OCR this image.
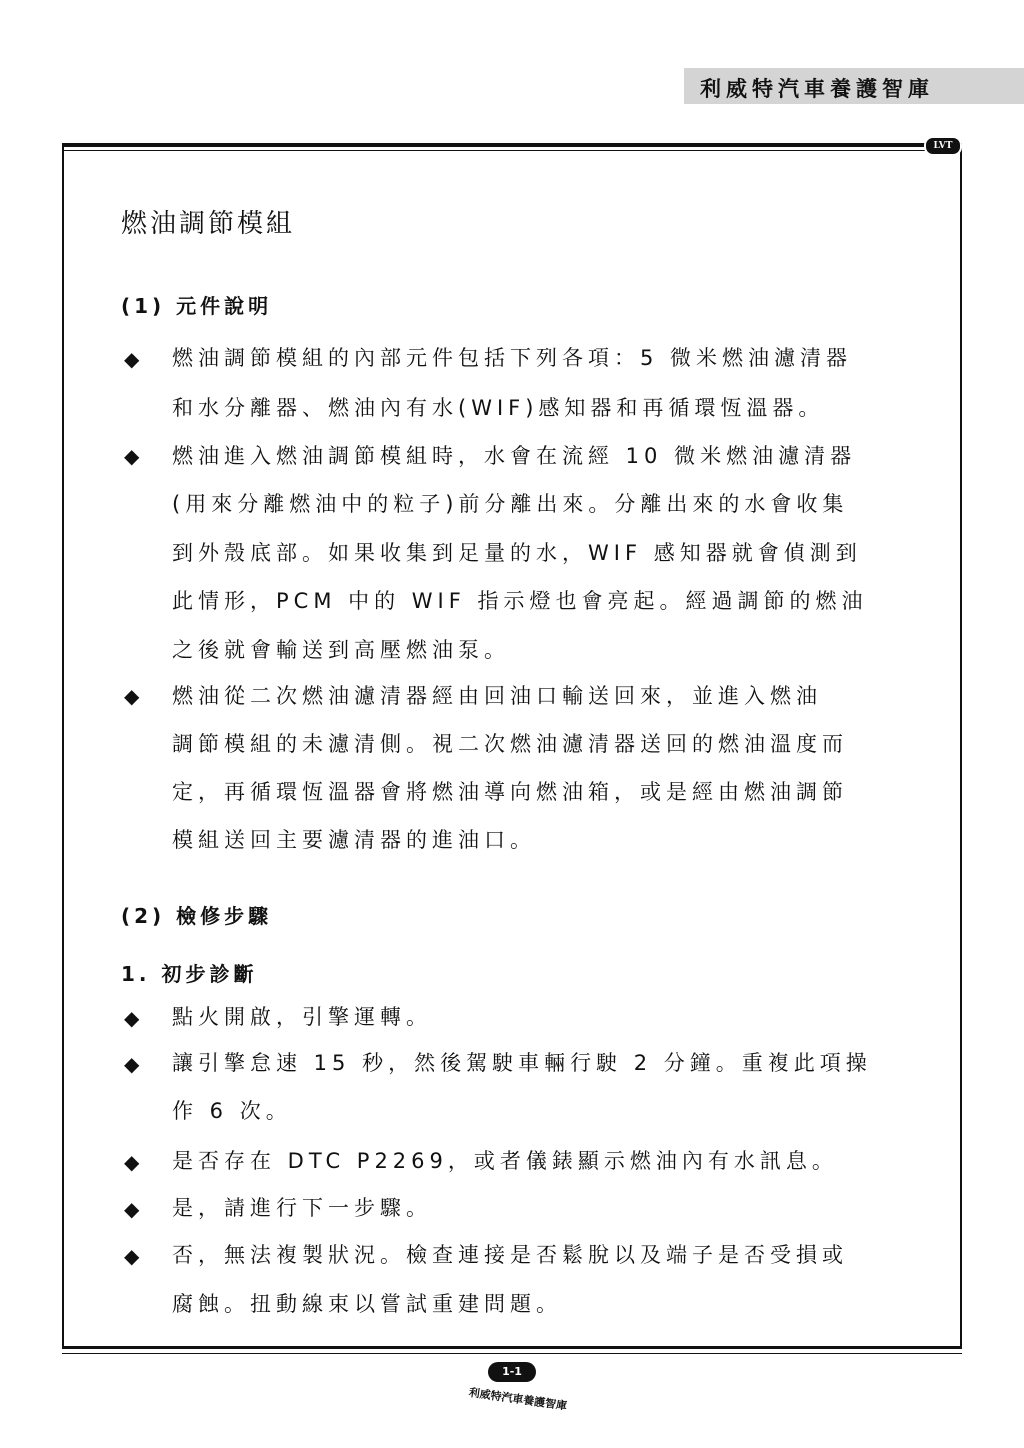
利威特汽車養護智庫
LVT
燃油調節模組
(1) 元件說明
◆ 燃油調節模組的內部元件包括下列各項：5 微米燃油濾清器
和水分離器、燃油內有水(WIF)感知器和再循環恆溫器。
◆ 燃油進入燃油調節模組時，水會在流經 10 微米燃油濾清器
(用來分離燃油中的粒子)前分離出來。分離出來的水會收集
到外殼底部。如果收集到足量的水，WIF 感知器就會偵測到
此情形，PCM 中的 WIF 指示燈也會亮起。經過調節的燃油
之後就會輸送到高壓燃油泵。
◆ 燃油從二次燃油濾清器經由回油口輸送回來，並進入燃油
調節模組的未濾清側。視二次燃油濾清器送回的燃油溫度而
定，再循環恆溫器會將燃油導向燃油箱，或是經由燃油調節
模組送回主要濾清器的進油口。
(2) 檢修步驟
1. 初步診斷
◆ 點火開啟，引擎運轉。
◆ 讓引擎怠速 15 秒，然後駕駛車輛行駛 2 分鐘。重複此項操
作 6 次。
◆ 是否存在 DTC P2269，或者儀錶顯示燃油內有水訊息。
◆ 是，請進行下一步驟。
◆ 否，無法複製狀況。檢查連接是否鬆脫以及端子是否受損或
腐蝕。扭動線束以嘗試重建問題。
1-1
利威特汽車養護智庫
